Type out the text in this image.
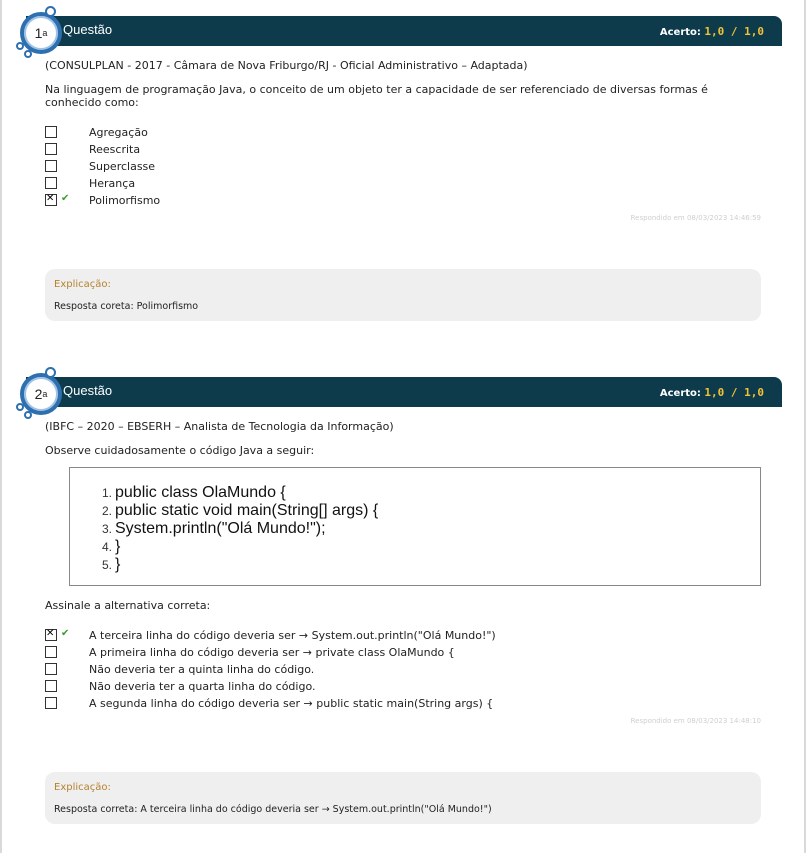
Questão	Acerto: 1,0 / 1,0
1 a
(CONSULPLAN - 2017 - Câmara de Nova Friburgo/RJ - Oficial Administrativo – Adaptada)
Na linguagem de programação Java, o conceito de um objeto ter a capacidade de ser referenciado de diversas formas é conhecido como:
Agregação
Reescrita
Superclasse
Herança
✕
✔ Polimorfismo
Respondido em 08/03/2023 14:46:59
Explicação:
Resposta coreta: Polimorfismo
Questão	Acerto: 1,0 / 1,0
2 a
(IBFC – 2020 – EBSERH – Analista de Tecnologia da Informação)
Observe cuidadosamente o código Java a seguir:
1. public class OlaMundo {
2. public static void main(String[] args) {
3. System.println("Olá Mundo!");
4. }
5. }
Assinale a alternativa correta:
✕
✔ A terceira linha do código deveria ser → System.out.println("Olá Mundo!")
A primeira linha do código deveria ser → private class OlaMundo {
Não deveria ter a quinta linha do código.
Não deveria ter a quarta linha do código.
A segunda linha do código deveria ser → public static main(String args) {
Respondido em 08/03/2023 14:48:10
Explicação:
Resposta correta: A terceira linha do código deveria ser → System.out.println("Olá Mundo!")
